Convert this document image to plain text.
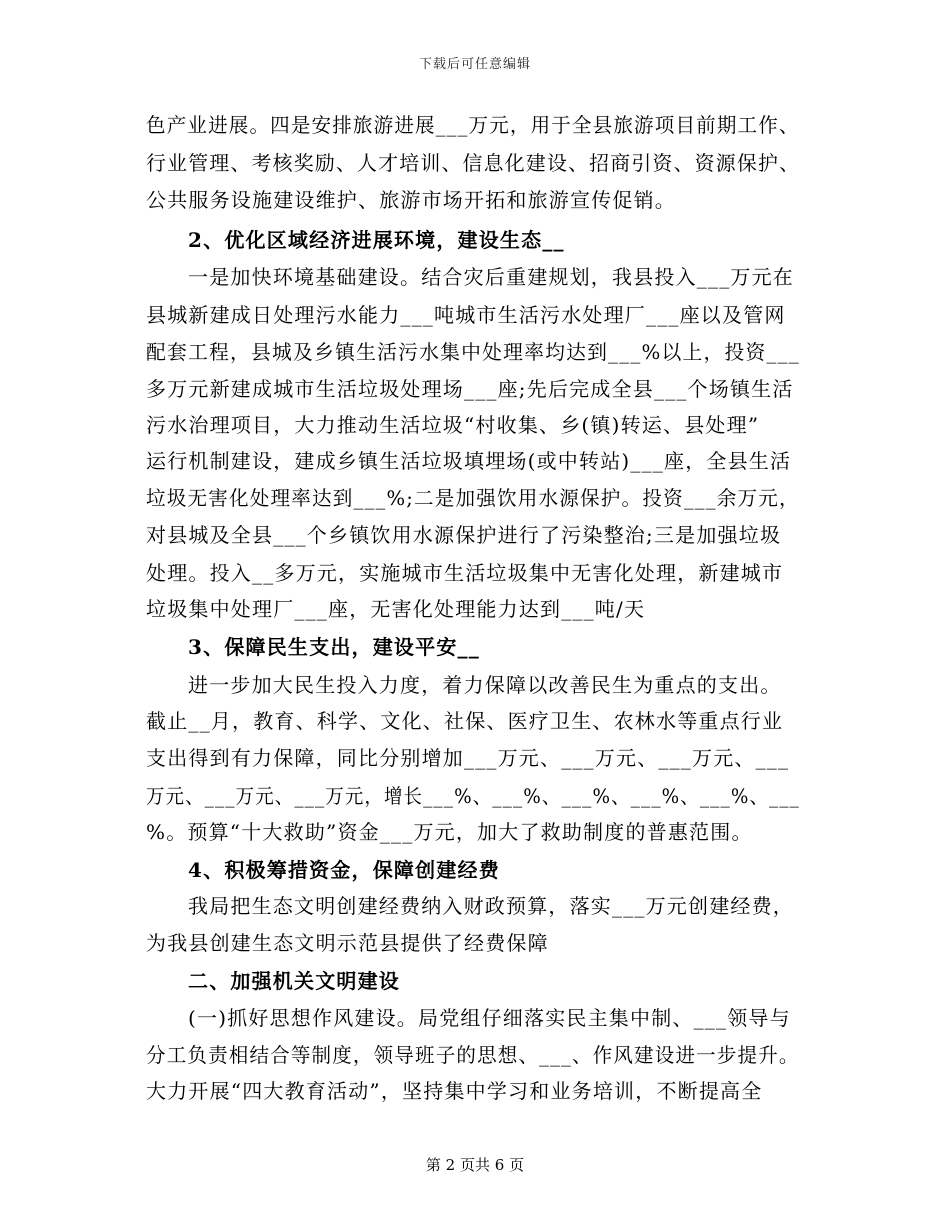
下载后可任意编辑
色产业进展。四是安排旅游进展___万元，用于全县旅游项目前期工作、
行业管理、考核奖励、人才培训、信息化建设、招商引资、资源保护、
公共服务设施建设维护、旅游市场开拓和旅游宣传促销。
2、优化区域经济进展环境，建设生态__
一是加快环境基础建设。结合灾后重建规划，我县投入___万元在
县城新建成日处理污水能力___吨城市生活污水处理厂___座以及管网
配套工程，县城及乡镇生活污水集中处理率均达到___%以上，投资___
多万元新建成城市生活垃圾处理场___座;先后完成全县___个场镇生活
污水治理项目，大力推动生活垃圾“村收集、乡(镇)转运、县处理”
运行机制建设，建成乡镇生活垃圾填埋场(或中转站)___座，全县生活
垃圾无害化处理率达到___%;二是加强饮用水源保护。投资___余万元，
对县城及全县___个乡镇饮用水源保护进行了污染整治;三是加强垃圾
处理。投入__多万元，实施城市生活垃圾集中无害化处理，新建城市
垃圾集中处理厂___座，无害化处理能力达到___吨/天
3、保障民生支出，建设平安__
进一步加大民生投入力度，着力保障以改善民生为重点的支出。
截止__月，教育、科学、文化、社保、医疗卫生、农林水等重点行业
支出得到有力保障，同比分别增加___万元、___万元、___万元、___
万元、___万元、___万元，增长___%、___%、___%、___%、___%、___
%。预算“十大救助”资金___万元，加大了救助制度的普惠范围。
4、积极筹措资金，保障创建经费
我局把生态文明创建经费纳入财政预算，落实___万元创建经费，
为我县创建生态文明示范县提供了经费保障
二、加强机关文明建设
(一)抓好思想作风建设。局党组仔细落实民主集中制、___领导与
分工负责相结合等制度，领导班子的思想、___、作风建设进一步提升。
大力开展“四大教育活动”，坚持集中学习和业务培训，不断提高全
第 2 页共 6 页
